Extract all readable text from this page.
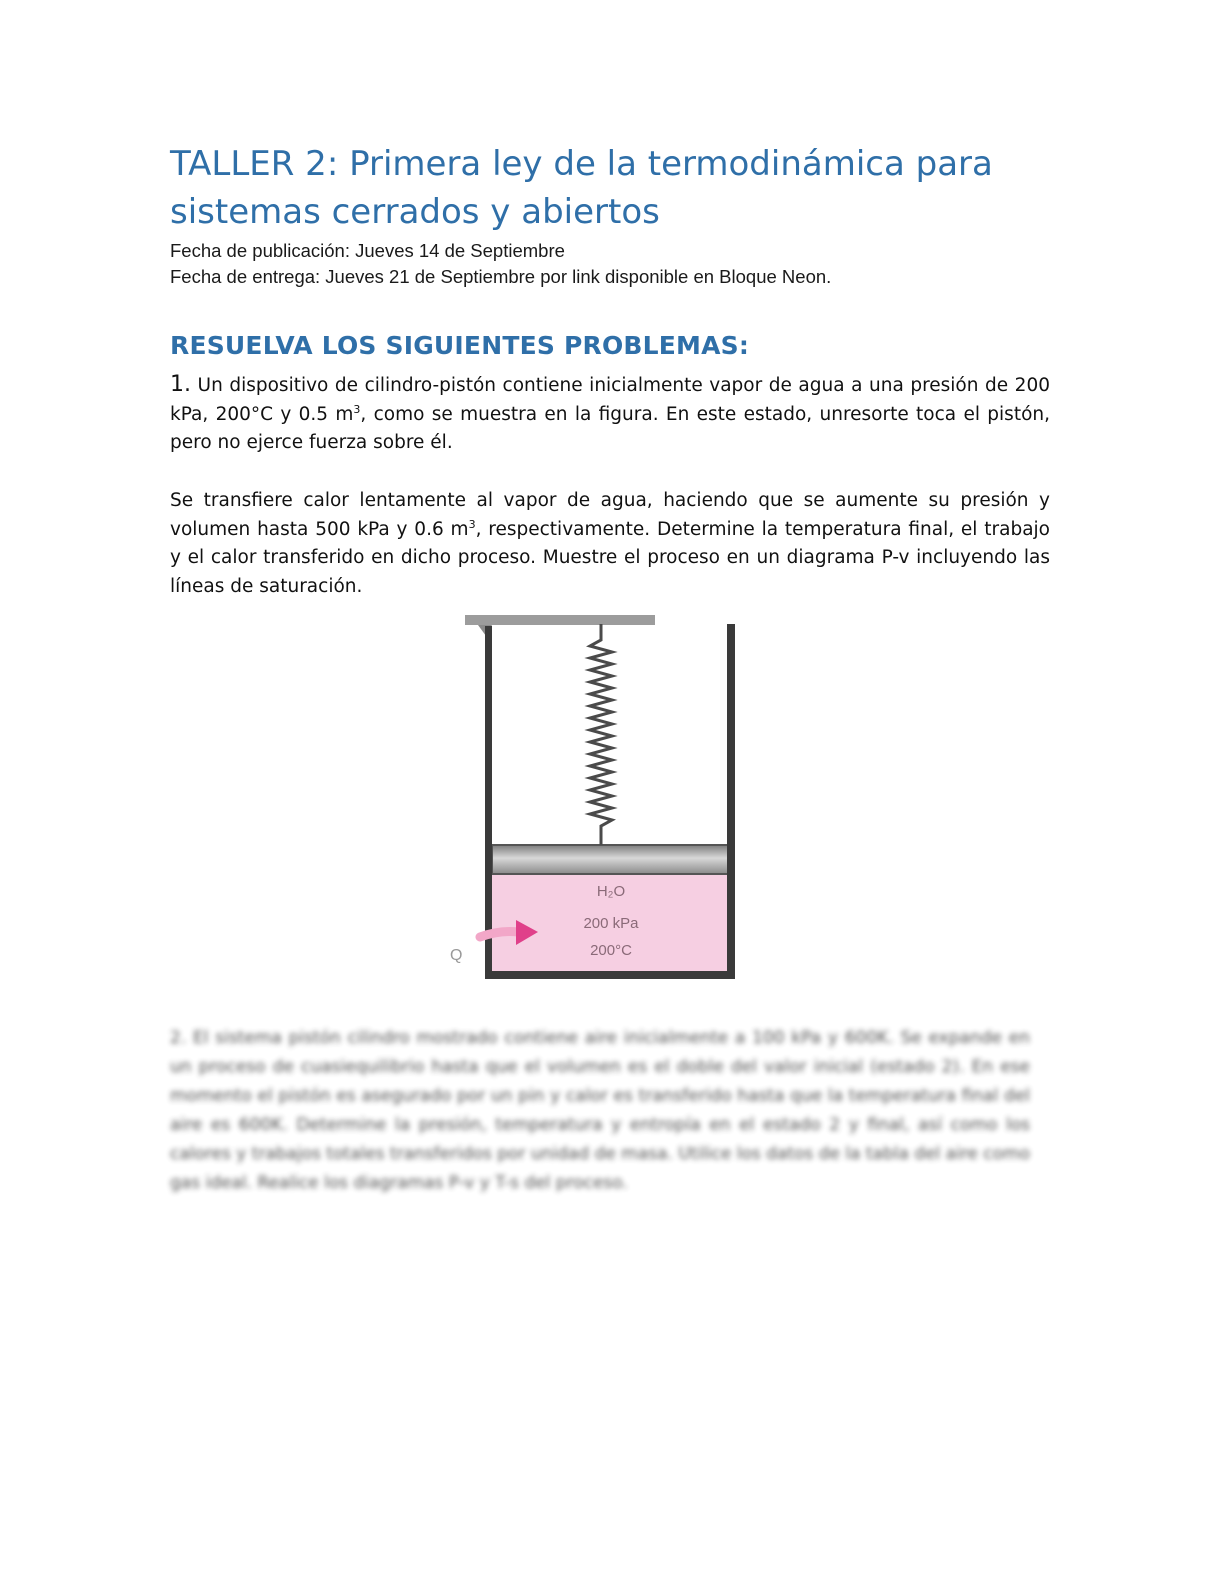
TALLER 2: Primera ley de la termodinámica para sistemas cerrados y abiertos

Fecha de publicación: Jueves 14 de Septiembre

Fecha de entrega: Jueves 21 de Septiembre por link disponible en Bloque Neon.

RESUELVA LOS SIGUIENTES PROBLEMAS:

1. Un dispositivo de cilindro-pistón contiene inicialmente vapor de agua a una presión de 200 kPa, 200°C y 0.5 $m^3$, como se muestra en la figura. En este estado, unresorte toca el pistón, pero no ejerce fuerza sobre él.

Se transfiere calor lentamente al vapor de agua, haciendo que se aumente su presión y volumen hasta 500 kPa y 0.6 $m^3$, respectivamente. Determine la temperatura final, el trabajo y el calor transferido en dicho proceso. Muestre el proceso en un diagrama P-v incluyendo las líneas de saturación.

H₂O
200 kPa
200°C
Q

2. El sistema pistón cilindro mostrado contiene aire inicialmente a 100 kPa y 600K. Se expande en un proceso de cuasiequilibrio hasta que el volumen es el doble del valor inicial (estado 2). En ese momento el pistón es asegurado por un pin y calor es transferido hasta que la temperatura final del aire es 600K. Determine la presión, temperatura y entropía en el estado 2 y final, así como los calores y trabajos totales transferidos por unidad de masa. Utilice los datos de la tabla del aire como gas ideal. Realice los diagramas P-v y T-s del proceso.
